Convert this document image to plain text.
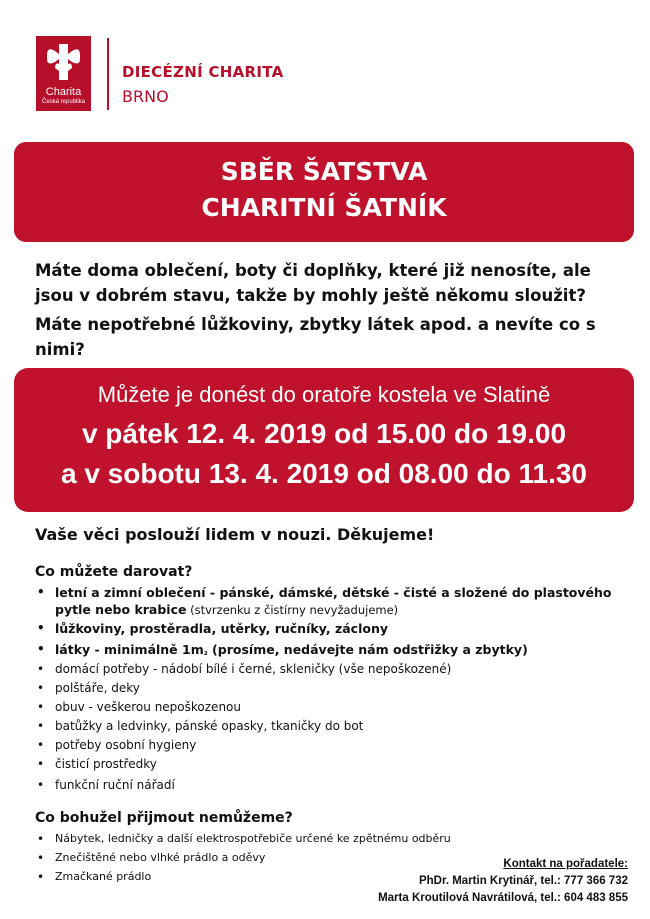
Charita
Česká republika
DIECÉZNÍ CHARITA
BRNO
SBĚR ŠATSTVA
CHARITNÍ ŠATNÍK

Máte doma oblečení, boty či doplňky, které již nenosíte, ale jsou v dobrém stavu, takže by mohly ještě někomu sloužit?

Máte nepotřebné lůžkoviny, zbytky látek apod. a nevíte co s nimi?

Můžete je donést do oratoře kostela ve Slatině
v pátek 12. 4. 2019 od 15.00 do 19.00
a v sobotu 13. 4. 2019 od 08.00 do 11.30
Vaše věci poslouží lidem v nouzi. Děkujeme!
Co můžete darovat?
• letní a zimní oblečení - pánské, dámské, dětské - čisté a složené do plastového
pytle nebo krabice (stvrzenku z čistírny nevyžadujeme)
• lůžkoviny, prostěradla, utěrky, ručníky, záclony
• látky - minimálně $1m_{^2}$ (prosíme, nedávejte nám odstřižky a zbytky)
• domácí potřeby - nádobí bílé i černé, skleničky (vše nepoškozené)
• polštáře, deky
• obuv - veškerou nepoškozenou
• batůžky a ledvinky, pánské opasky, tkaničky do bot
• potřeby osobní hygieny
• čisticí prostředky
• funkční ruční nářadí
Co bohužel přijmout nemůžeme?
• Nábytek, ledničky a další elektrospotřebiče určené ke zpětnému odběru
• Znečištěné nebo vlhké prádlo a oděvy
• Zmačkané prádlo
Kontakt na pořadatele:
PhDr. Martin Krytinář, tel.: 777 366 732
Marta Kroutilová Navrátilová, tel.: 604 483 855
